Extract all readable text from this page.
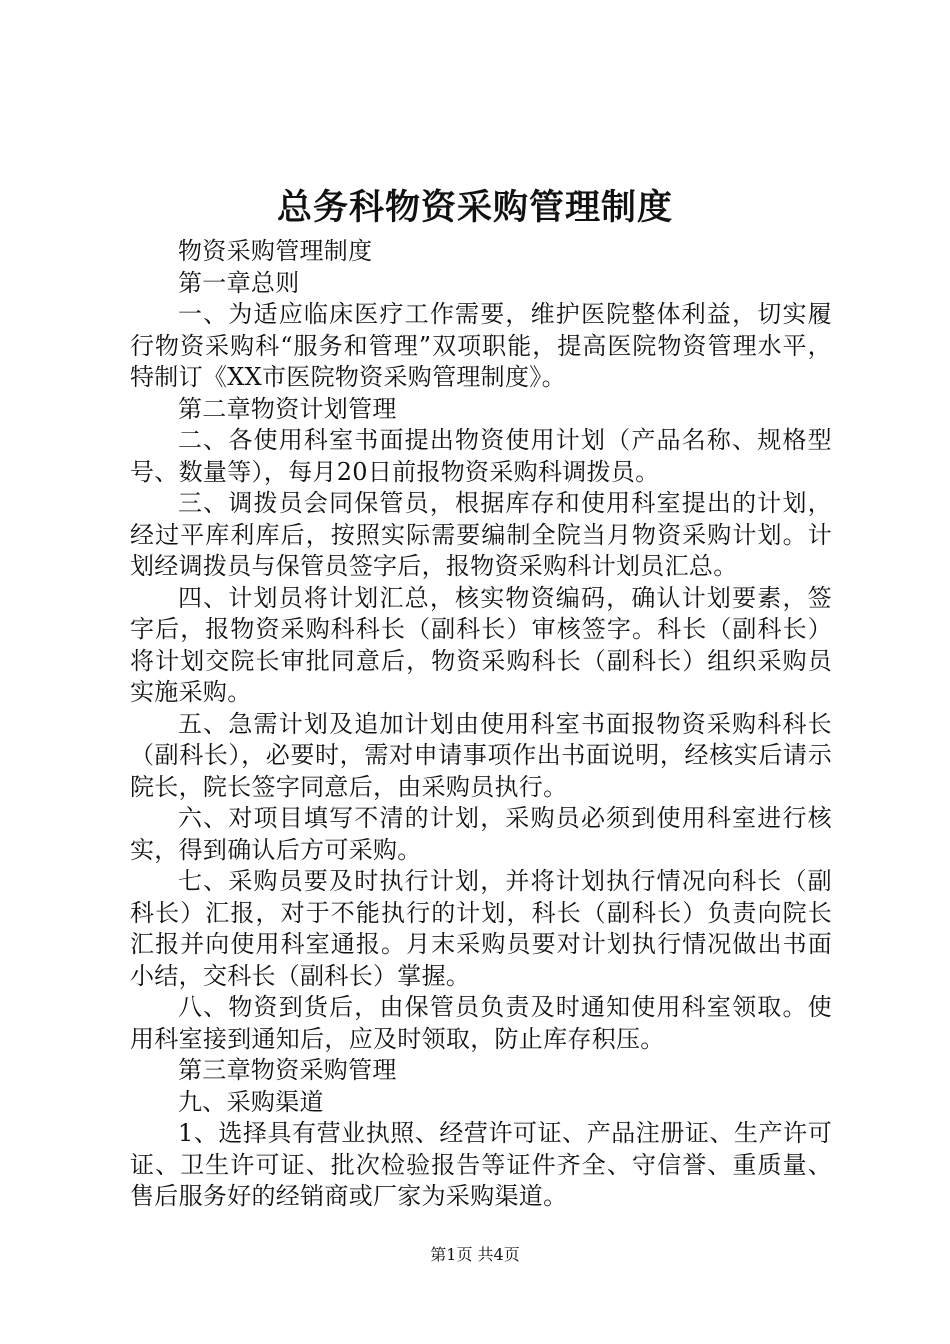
总务科物资采购管理制度

物资采购管理制度

第一章总则

一、为适应临床医疗工作需要，维护医院整体利益，切实履行物资采购科“服务和管理”双项职能，提高医院物资管理水平，特制订《XX市医院物资采购管理制度》。

第二章物资计划管理

二、各使用科室书面提出物资使用计划（产品名称、规格型号、数量等），每月20日前报物资采购科调拨员。

三、调拨员会同保管员，根据库存和使用科室提出的计划，经过平库利库后，按照实际需要编制全院当月物资采购计划。计划经调拨员与保管员签字后，报物资采购科计划员汇总。

四、计划员将计划汇总，核实物资编码，确认计划要素，签字后，报物资采购科科长（副科长）审核签字。科长（副科长）将计划交院长审批同意后，物资采购科长（副科长）组织采购员实施采购。

五、急需计划及追加计划由使用科室书面报物资采购科科长（副科长），必要时，需对申请事项作出书面说明，经核实后请示院长，院长签字同意后，由采购员执行。

六、对项目填写不清的计划，采购员必须到使用科室进行核实，得到确认后方可采购。

七、采购员要及时执行计划，并将计划执行情况向科长（副科长）汇报，对于不能执行的计划，科长（副科长）负责向院长汇报并向使用科室通报。月末采购员要对计划执行情况做出书面小结，交科长（副科长）掌握。

八、物资到货后，由保管员负责及时通知使用科室领取。使用科室接到通知后，应及时领取，防止库存积压。

第三章物资采购管理

九、采购渠道

1、选择具有营业执照、经营许可证、产品注册证、生产许可证、卫生许可证、批次检验报告等证件齐全、守信誉、重质量、售后服务好的经销商或厂家为采购渠道。

第1页 共4页
